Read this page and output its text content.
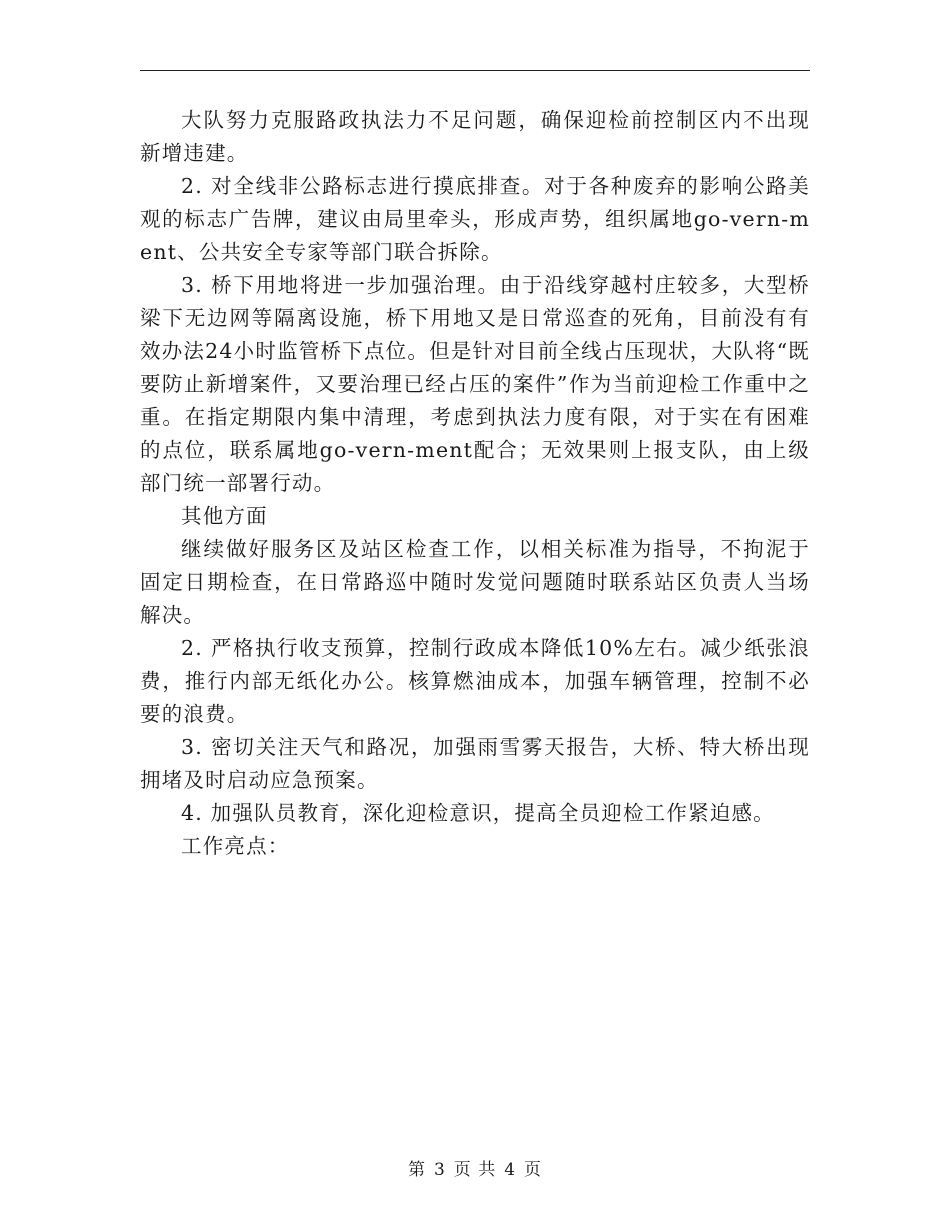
大队努力克服路政执法力不足问题，确保迎检前控制区内不出现新增违建。

2. 对全线非公路标志进行摸底排查。对于各种废弃的影响公路美观的标志广告牌，建议由局里牵头，形成声势，组织属地go-vern-ment、公共安全专家等部门联合拆除。

3. 桥下用地将进一步加强治理。由于沿线穿越村庄较多，大型桥梁下无边网等隔离设施，桥下用地又是日常巡查的死角，目前没有有效办法24小时监管桥下点位。但是针对目前全线占压现状，大队将“既要防止新增案件，又要治理已经占压的案件”作为当前迎检工作重中之重。在指定期限内集中清理，考虑到执法力度有限，对于实在有困难的点位，联系属地go-vern-ment配合；无效果则上报支队，由上级部门统一部署行动。

其他方面

继续做好服务区及站区检查工作，以相关标准为指导，不拘泥于固定日期检查，在日常路巡中随时发觉问题随时联系站区负责人当场解决。

2. 严格执行收支预算，控制行政成本降低10%左右。减少纸张浪费，推行内部无纸化办公。核算燃油成本，加强车辆管理，控制不必要的浪费。

3. 密切关注天气和路况，加强雨雪雾天报告，大桥、特大桥出现拥堵及时启动应急预案。

4. 加强队员教育，深化迎检意识，提高全员迎检工作紧迫感。

工作亮点：

第 3 页 共 4 页
